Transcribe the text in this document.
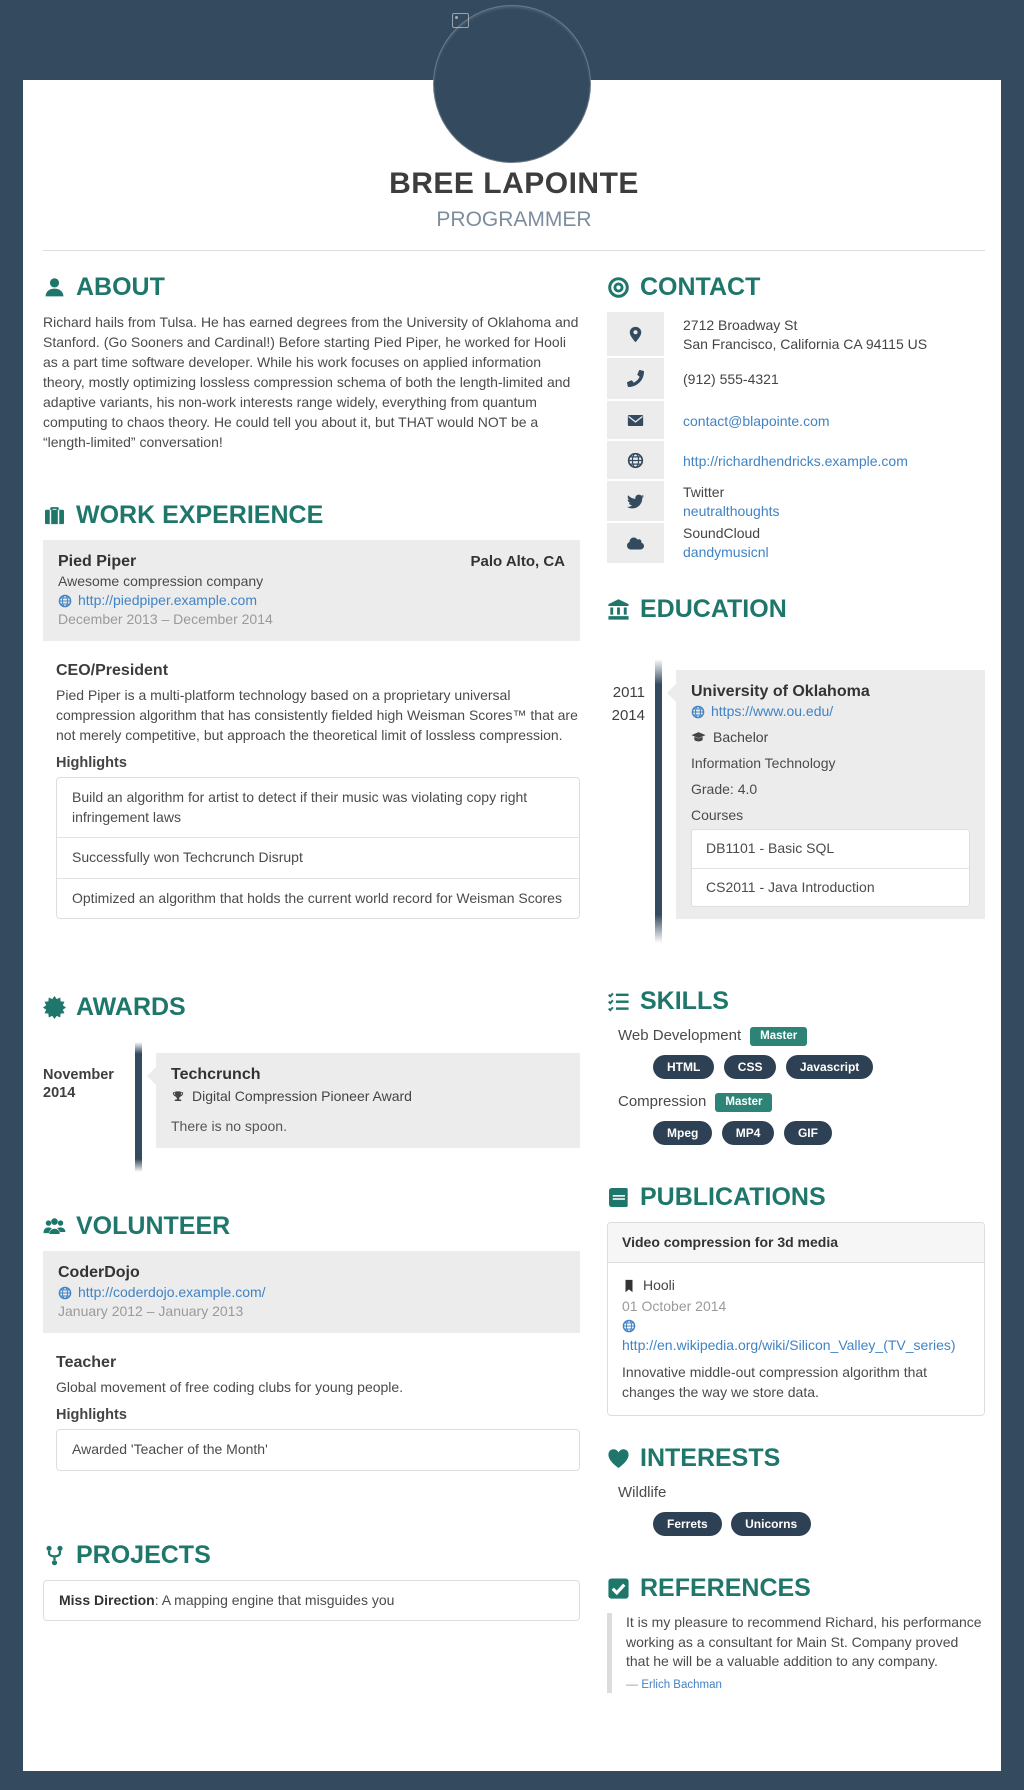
BREE LAPOINTE
PROGRAMMER
ABOUT

Richard hails from Tulsa. He has earned degrees from the University of Oklahoma and Stanford. (Go Sooners and Cardinal!) Before starting Pied Piper, he worked for Hooli as a part time software developer. While his work focuses on applied information theory, mostly optimizing lossless compression schema of both the length-limited and adaptive variants, his non-work interests range widely, everything from quantum computing to chaos theory. He could tell you about it, but THAT would NOT be a “length-limited” conversation!

WORK EXPERIENCE
Pied Piper	Palo Alto, CA
Awesome compression company
http://piedpiper.example.com
December 2013 – December 2014
CEO/President

Pied Piper is a multi-platform technology based on a proprietary universal compression algorithm that has consistently fielded high Weisman Scores™ that are not merely competitive, but approach the theoretical limit of lossless compression.

Highlights
Build an algorithm for artist to detect if their music was violating copy right infringement laws
Successfully won Techcrunch Disrupt
Optimized an algorithm that holds the current world record for Weisman Scores
AWARDS
November
2014
Techcrunch
Digital Compression Pioneer Award
There is no spoon.
VOLUNTEER
CoderDojo
http://coderdojo.example.com/
January 2012 – January 2013
Teacher

Global movement of free coding clubs for young people.

Highlights
Awarded 'Teacher of the Month'
PROJECTS
Miss Direction: A mapping engine that misguides you
CONTACT
2712 Broadway St
San Francisco, California CA 94115 US
(912) 555-4321
contact@blapointe.com
http://richardhendricks.example.com
Twitter
neutralthoughts
SoundCloud
dandymusicnl
EDUCATION
2011
2014
University of Oklahoma
https://www.ou.edu/
Bachelor
Information Technology
Grade: 4.0
Courses
DB1101 - Basic SQL
CS2011 - Java Introduction
SKILLS
Web Development	Master
HTML	CSS	Javascript
Compression	Master
Mpeg	MP4	GIF
PUBLICATIONS
Video compression for 3d media
Hooli
01 October 2014
http://en.wikipedia.org/wiki/Silicon_Valley_(TV_series)
Innovative middle-out compression algorithm that changes the way we store data.
INTERESTS
Wildlife
Ferrets	Unicorns
REFERENCES

It is my pleasure to recommend Richard, his performance working as a consultant for Main St. Company proved that he will be a valuable addition to any company.

— Erlich Bachman
